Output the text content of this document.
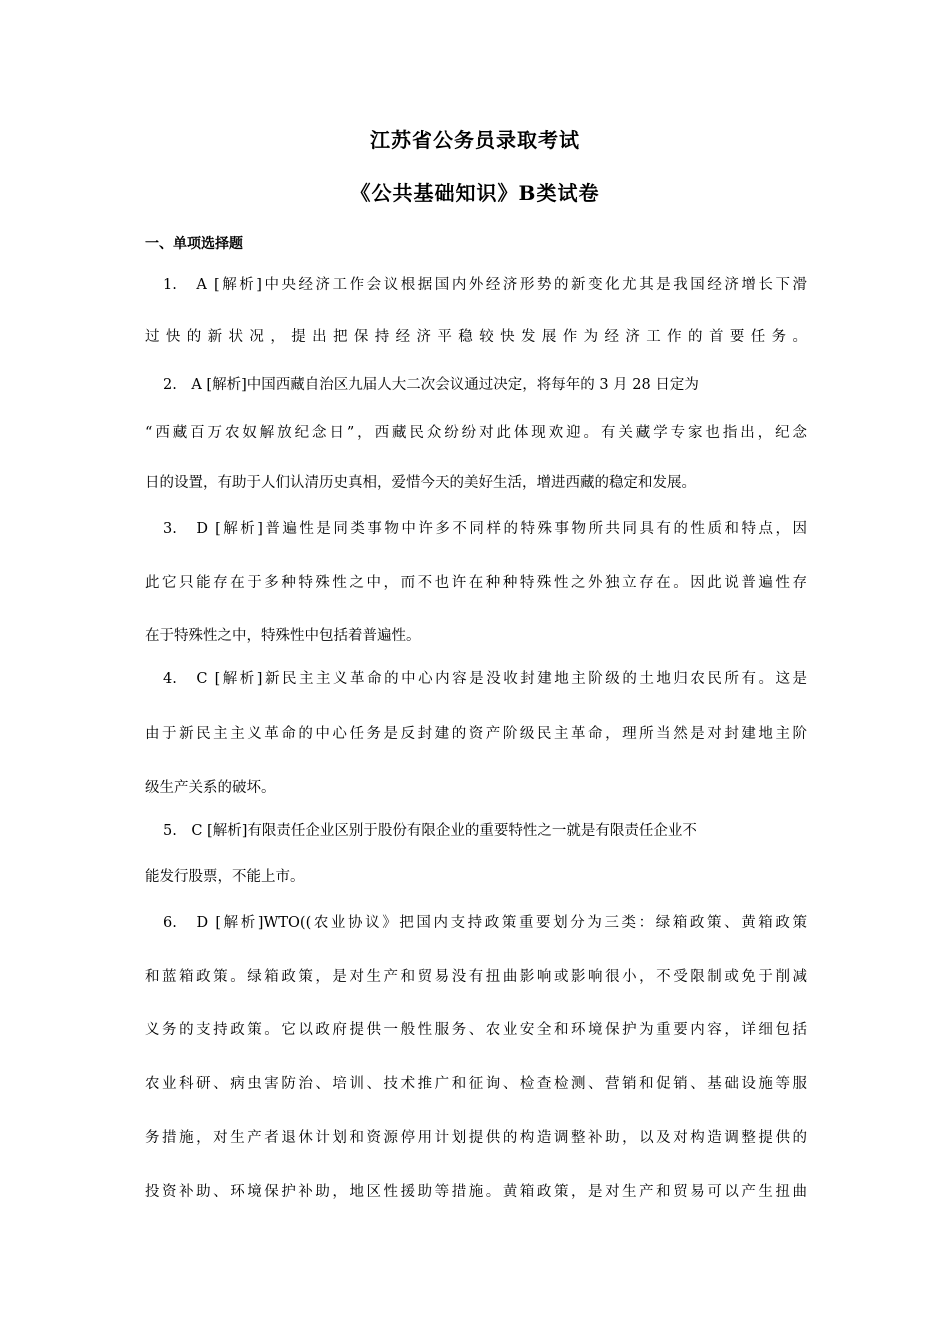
江苏省公务员录取考试
《公共基础知识》B类试卷
一、单项选择题
1.　A [解析]中央经济工作会议根据国内外经济形势的新变化尤其是我国经济增长下滑
过快的新状况，提出把保持经济平稳较快发展作为经济工作的首要任务。
2.　A [解析]中国西藏自治区九届人大二次会议通过决定，将每年的 3 月 28 日定为
“西藏百万农奴解放纪念日”，西藏民众纷纷对此体现欢迎。有关藏学专家也指出，纪念
日的设置，有助于人们认清历史真相，爱惜今天的美好生活，增进西藏的稳定和发展。
3.　D [解析]普遍性是同类事物中许多不同样的特殊事物所共同具有的性质和特点，因
此它只能存在于多种特殊性之中，而不也许在种种特殊性之外独立存在。因此说普遍性存
在于特殊性之中，特殊性中包括着普遍性。
4.　C [解析]新民主主义革命的中心内容是没收封建地主阶级的土地归农民所有。这是
由于新民主主义革命的中心任务是反封建的资产阶级民主革命，理所当然是对封建地主阶
级生产关系的破坏。
5.　C [解析]有限责任企业区别于股份有限企业的重要特性之一就是有限责任企业不
能发行股票，不能上市。
6.　D [解析]WTO((农业协议》把国内支持政策重要划分为三类：绿箱政策、黄箱政策
和蓝箱政策。绿箱政策，是对生产和贸易没有扭曲影响或影响很小，不受限制或免于削减
义务的支持政策。它以政府提供一般性服务、农业安全和环境保护为重要内容，详细包括
农业科研、病虫害防治、培训、技术推广和征询、检查检测、营销和促销、基础设施等服
务措施，对生产者退休计划和资源停用计划提供的构造调整补助，以及对构造调整提供的
投资补助、环境保护补助，地区性援助等措施。黄箱政策，是对生产和贸易可以产生扭曲
